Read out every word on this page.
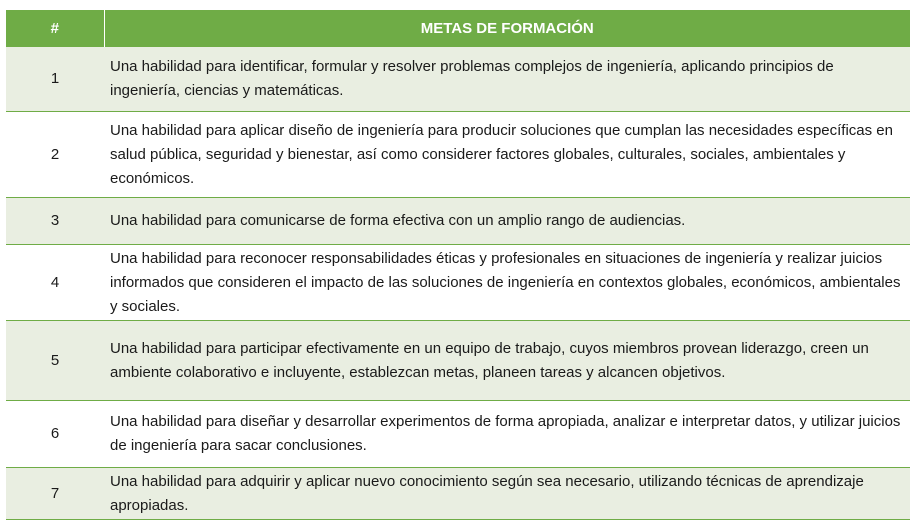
#	METAS DE FORMACIÓN
1	Una habilidad para identificar, formular y resolver problemas complejos de ingeniería, aplicando principios de ingeniería, ciencias y matemáticas.
2	Una habilidad para aplicar diseño de ingeniería para producir soluciones que cumplan las necesidades específicas en salud pública, seguridad y bienestar, así como considerer factores globales, culturales, sociales, ambientales y económicos.
3	Una habilidad para comunicarse de forma efectiva con un amplio rango de audiencias.
4	Una habilidad para reconocer responsabilidades éticas y profesionales en situaciones de ingeniería y realizar juicios informados que consideren el impacto de las soluciones de ingeniería en contextos globales, económicos, ambientales y sociales.
5	Una habilidad para participar efectivamente en un equipo de trabajo, cuyos miembros provean liderazgo, creen un ambiente colaborativo e incluyente, establezcan metas, planeen tareas y alcancen objetivos.
6	Una habilidad para diseñar y desarrollar experimentos de forma apropiada, analizar e interpretar datos, y utilizar juicios de ingeniería para sacar conclusiones.
7	Una habilidad para adquirir y aplicar nuevo conocimiento según sea necesario, utilizando técnicas de aprendizaje apropiadas.
